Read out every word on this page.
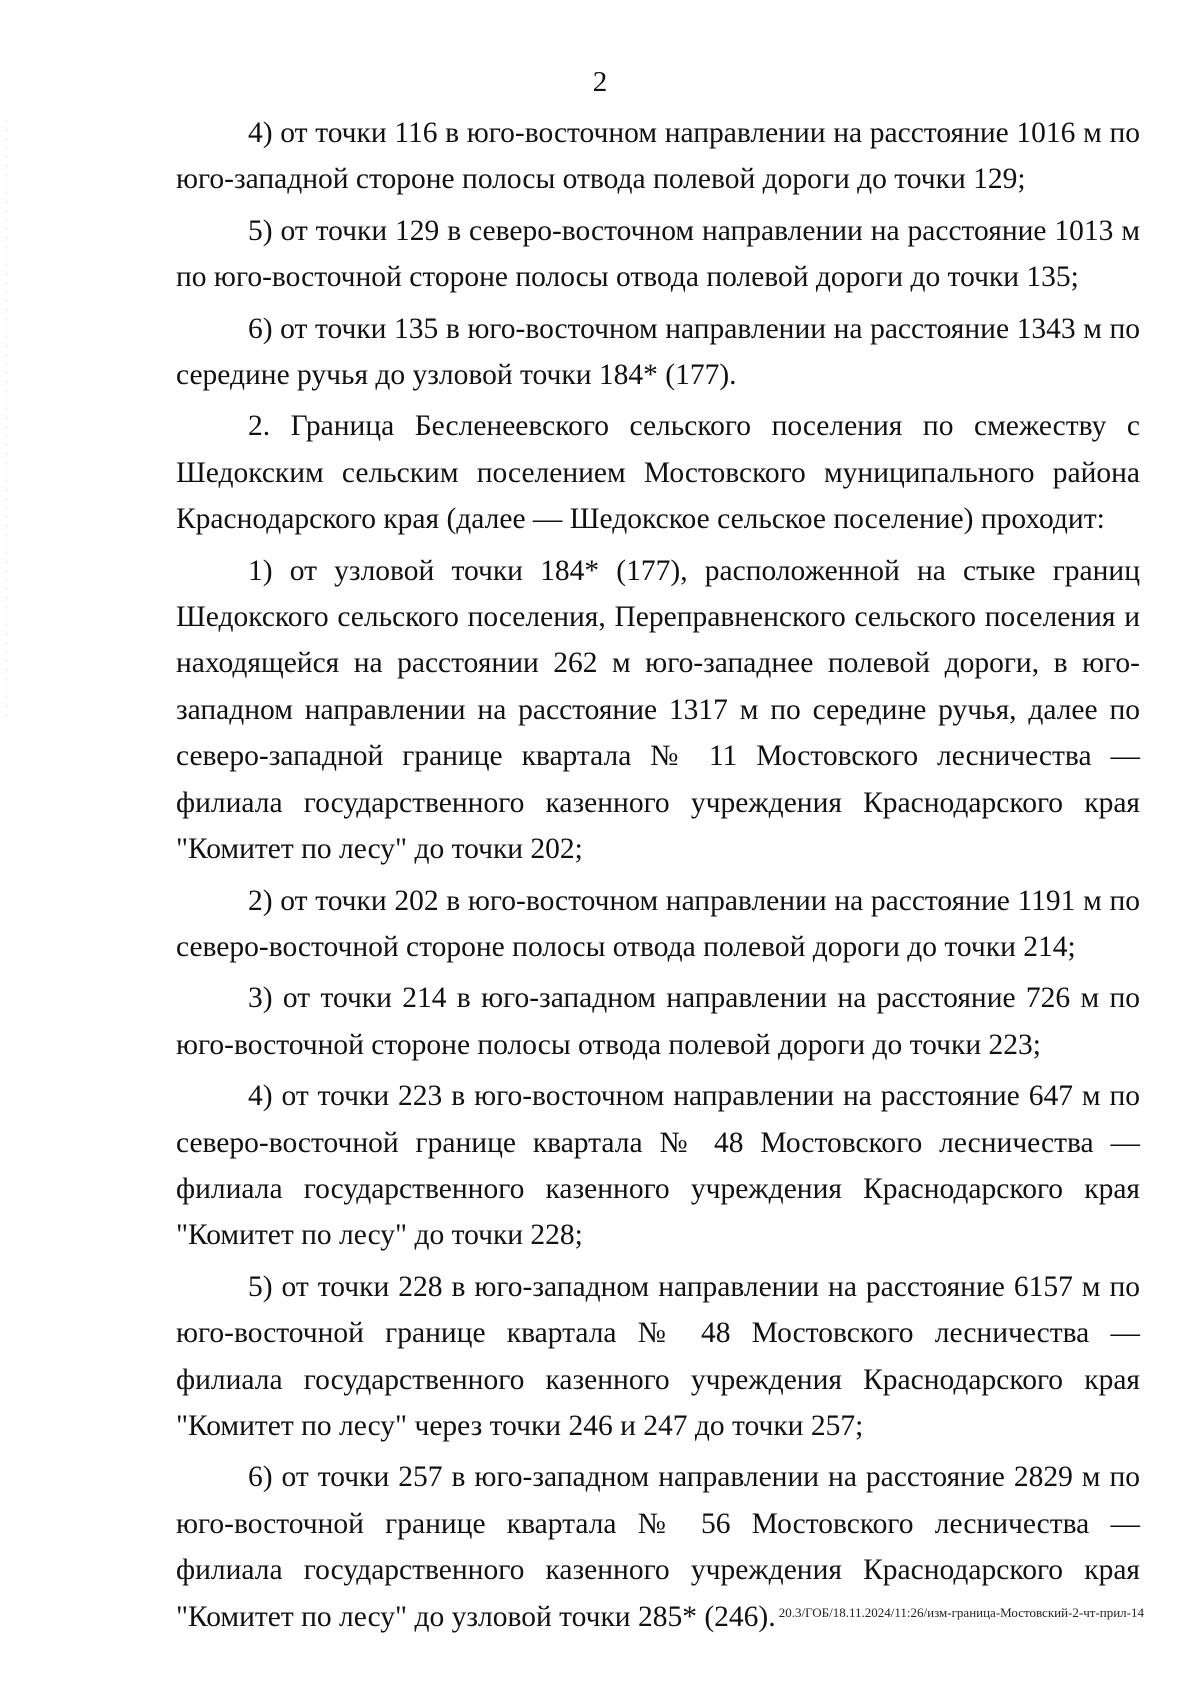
2

4) от точки 116 в юго-восточном направлении на расстояние 1016 м по юго-западной стороне полосы отвода полевой дороги до точки 129;

5) от точки 129 в северо-восточном направлении на расстояние 1013 м по юго-восточной стороне полосы отвода полевой дороги до точки 135;

6) от точки 135 в юго-восточном направлении на расстояние 1343 м по середине ручья до узловой точки 184* (177).

2. Граница Бесленеевского сельского поселения по смежеству с Шедокским сельским поселением Мостовского муниципального района Краснодарского края (далее — Шедокское сельское поселение) проходит:

1) от узловой точки 184* (177), расположенной на стыке границ Шедокского сельского поселения, Переправненского сельского поселения и находящейся на расстоянии 262 м юго-западнее полевой дороги, в юго-западном направлении на расстояние 1317 м по середине ручья, далее по северо-западной границе квартала № 11 Мостовского лесничества — филиала государственного казенного учреждения Краснодарского края "Комитет по лесу" до точки 202;

2) от точки 202 в юго-восточном направлении на расстояние 1191 м по северо-восточной стороне полосы отвода полевой дороги до точки 214;

3) от точки 214 в юго-западном направлении на расстояние 726 м по юго-восточной стороне полосы отвода полевой дороги до точки 223;

4) от точки 223 в юго-восточном направлении на расстояние 647 м по северо-восточной границе квартала № 48 Мостовского лесничества — филиала государственного казенного учреждения Краснодарского края "Комитет по лесу" до точки 228;

5) от точки 228 в юго-западном направлении на расстояние 6157 м по юго-восточной границе квартала № 48 Мостовского лесничества — филиала государственного казенного учреждения Краснодарского края "Комитет по лесу" через точки 246 и 247 до точки 257;

6) от точки 257 в юго-западном направлении на расстояние 2829 м по юго-восточной границе квартала № 56 Мостовского лесничества — филиала государственного казенного учреждения Краснодарского края "Комитет по лесу" до узловой точки 285* (246). 20.3/ГОБ/18.11.2024/11:26/изм-граница-Мостовский-2-чт-прил-14
